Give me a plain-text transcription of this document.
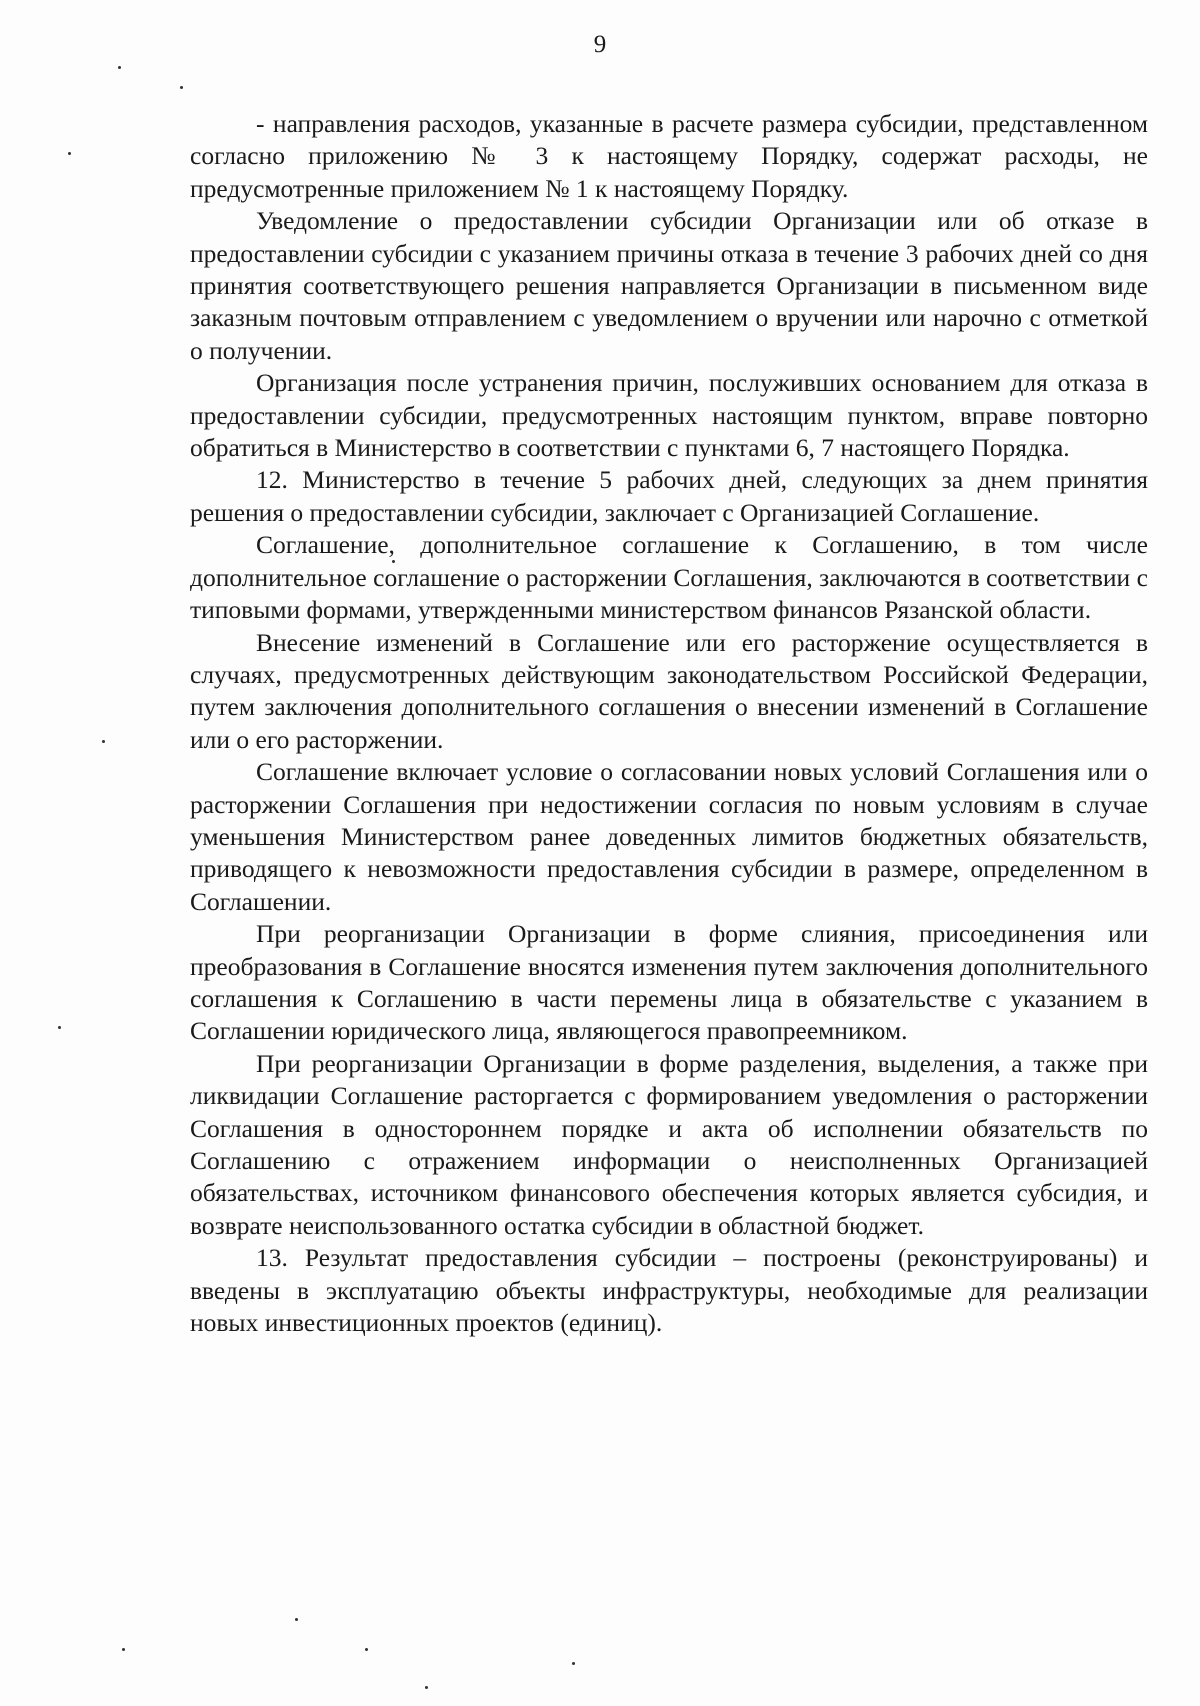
9

- направления расходов, указанные в расчете размера субсидии, представленном согласно приложению № 3 к настоящему Порядку, содержат расходы, не предусмотренные приложением № 1 к настоящему Порядку.

Уведомление о предоставлении субсидии Организации или об отказе в предоставлении субсидии с указанием причины отказа в течение 3 рабочих дней со дня принятия соответствующего решения направляется Организации в письменном виде заказным почтовым отправлением с уведомлением о вручении или нарочно с отметкой о получении.

Организация после устранения причин, послуживших основанием для отказа в предоставлении субсидии, предусмотренных настоящим пунктом, вправе повторно обратиться в Министерство в соответствии с пунктами 6, 7 настоящего Порядка.

12. Министерство в течение 5 рабочих дней, следующих за днем принятия решения о предоставлении субсидии, заключает с Организацией Соглашение.

Соглашение, дополнительное соглашение к Соглашению, в том числе дополнительное соглашение о расторжении Соглашения, заключаются в соответствии с типовыми формами, утвержденными министерством финансов Рязанской области.

Внесение изменений в Соглашение или его расторжение осуществляется в случаях, предусмотренных действующим законодательством Российской Федерации, путем заключения дополнительного соглашения о внесении изменений в Соглашение или о его расторжении.

Соглашение включает условие о согласовании новых условий Соглашения или о расторжении Соглашения при недостижении согласия по новым условиям в случае уменьшения Министерством ранее доведенных лимитов бюджетных обязательств, приводящего к невозможности предоставления субсидии в размере, определенном в Соглашении.

При реорганизации Организации в форме слияния, присоединения или преобразования в Соглашение вносятся изменения путем заключения дополнительного соглашения к Соглашению в части перемены лица в обязательстве с указанием в Соглашении юридического лица, являющегося правопреемником.

При реорганизации Организации в форме разделения, выделения, а также при ликвидации Соглашение расторгается с формированием уведомления о расторжении Соглашения в одностороннем порядке и акта об исполнении обязательств по Соглашению с отражением информации о неисполненных Организацией обязательствах, источником финансового обеспечения которых является субсидия, и возврате неиспользованного остатка субсидии в областной бюджет.

13. Результат предоставления субсидии – построены (реконструированы) и введены в эксплуатацию объекты инфраструктуры, необходимые для реализации новых инвестиционных проектов (единиц).
